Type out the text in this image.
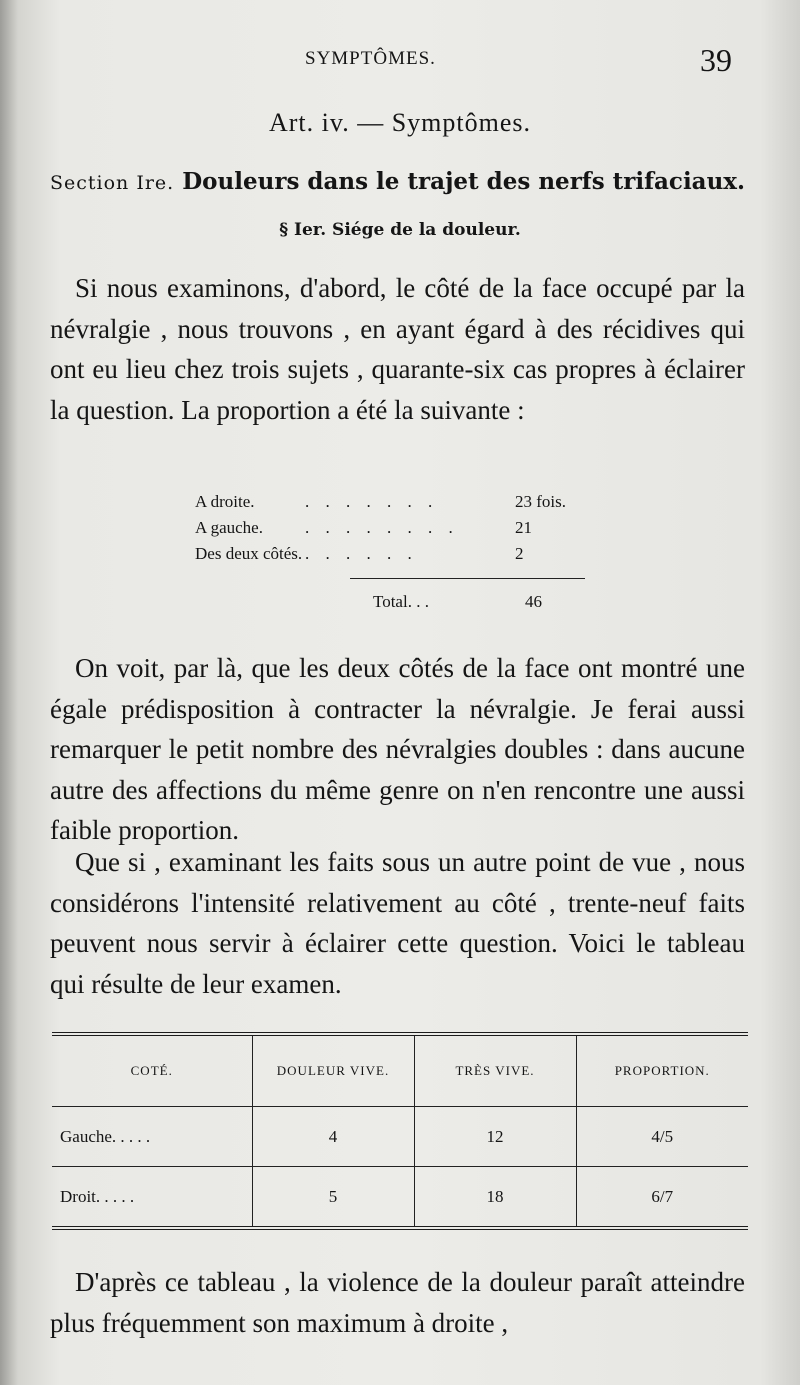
SYMPTÔMES.	39
Art. iv. — Symptômes.
Section Ire. Douleurs dans le trajet des nerfs trifaciaux.
§ Ier. Siége de la douleur.
Si nous examinons, d'abord, le côté de la face occupé par la névralgie , nous trouvons , en ayant égard à des récidives qui ont eu lieu chez trois sujets , quarante-six cas propres à éclairer la question. La proportion a été la suivante :
A droite.	. . . . . . .	23 fois.
A gauche. . . . . . . . .	21
Des deux côtés. . . . . . .	2
Total. . .	46
On voit, par là, que les deux côtés de la face ont montré une égale prédisposition à contracter la névralgie. Je ferai aussi remarquer le petit nombre des névralgies doubles : dans aucune autre des affections du même genre on n'en rencontre une aussi faible proportion.
Que si , examinant les faits sous un autre point de vue , nous considérons l'intensité relativement au côté , trente-neuf faits peuvent nous servir à éclairer cette question. Voici le tableau qui résulte de leur examen.
COTÉ.	DOULEUR VIVE.	TRÈS VIVE.	PROPORTION.
Gauche. . . . .	4	12	4/5
Droit. . . . .	5	18	6/7
D'après ce tableau , la violence de la douleur paraît atteindre plus fréquemment son maximum à droite ,
